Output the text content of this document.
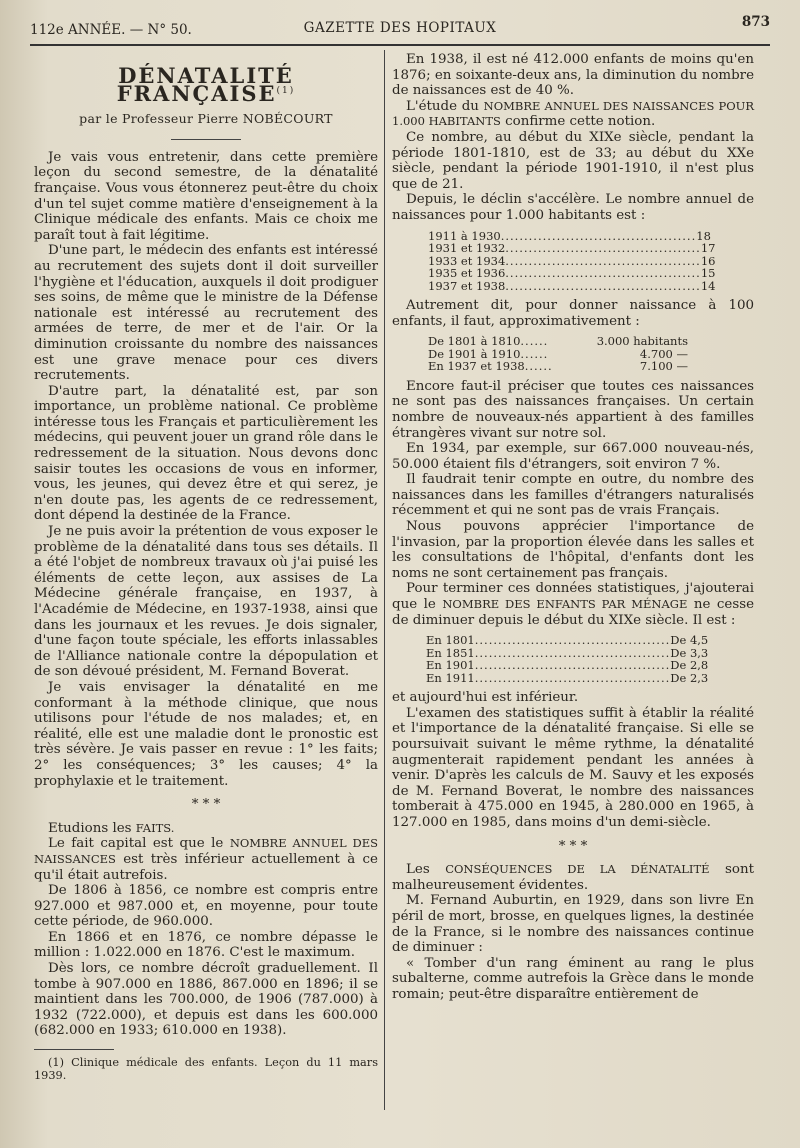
112e ANNÉE. — N° 50.	GAZETTE DES HOPITAUX	873
DÉNATALITÉ FRANÇAISE$^{(1)}$
par le Professeur Pierre NOBÉCOURT

Je vais vous entretenir, dans cette première leçon du second semestre, de la dénatalité française. Vous vous étonnerez peut-être du choix d'un tel sujet comme matière d'enseignement à la Clinique médicale des enfants. Mais ce choix me paraît tout à fait légitime.

D'une part, le médecin des enfants est intéressé au recrutement des sujets dont il doit surveiller l'hygiène et l'éducation, auxquels il doit prodiguer ses soins, de même que le ministre de la Défense nationale est intéressé au recrutement des armées de terre, de mer et de l'air. Or la diminution croissante du nombre des naissances est une grave menace pour ces divers recrutements.

D'autre part, la dénatalité est, par son importance, un problème national. Ce problème intéresse tous les Français et particulièrement les médecins, qui peuvent jouer un grand rôle dans le redressement de la situation. Nous devons donc saisir toutes les occasions de vous en informer, vous, les jeunes, qui devez être et qui serez, je n'en doute pas, les agents de ce redressement, dont dépend la destinée de la France.

Je ne puis avoir la prétention de vous exposer le problème de la dénatalité dans tous ses détails. Il a été l'objet de nombreux travaux où j'ai puisé les éléments de cette leçon, aux assises de La Médecine générale française, en 1937, à l'Académie de Médecine, en 1937-1938, ainsi que dans les journaux et les revues. Je dois signaler, d'une façon toute spéciale, les efforts inlassables de l'Alliance nationale contre la dépopulation et de son dévoué président, M. Fernand Boverat.

Je vais envisager la dénatalité en me conformant à la méthode clinique, que nous utilisons pour l'étude de nos malades; et, en réalité, elle est une maladie dont le pronostic est très sévère. Je vais passer en revue : 1° les faits; 2° les conséquences; 3° les causes; 4° la prophylaxie et le traitement.

* * *

Etudions les FAITS.

Le fait capital est que le NOMBRE ANNUEL DES NAISSANCES est très inférieur actuellement à ce qu'il était autrefois.

De 1806 à 1856, ce nombre est compris entre 927.000 et 987.000 et, en moyenne, pour toute cette période, de 960.000.

En 1866 et en 1876, ce nombre dépasse le million : 1.022.000 en 1876. C'est le maximum.

Dès lors, ce nombre décroît graduellement. Il tombe à 907.000 en 1886, 867.000 en 1896; il se maintient dans les 700.000, de 1906 (787.000) à 1932 (722.000), et depuis est dans les 600.000 (682.000 en 1933; 610.000 en 1938).

(1) Clinique médicale des enfants. Leçon du 11 mars 1939.

En 1938, il est né 412.000 enfants de moins qu'en 1876; en soixante-deux ans, la diminution du nombre de naissances est de 40 %.

L'étude du NOMBRE ANNUEL DES NAISSANCES POUR 1.000 HABITANTS confirme cette notion.

Ce nombre, au début du XIXe siècle, pendant la période 1801-1810, est de 33; au début du XXe siècle, pendant la période 1901-1910, il n'est plus que de 21.

Depuis, le déclin s'accélère. Le nombre annuel de naissances pour 1.000 habitants est :

1911 à 1930 .......................................... 18
1931 et 1932 .......................................... 17
1933 et 1934 .......................................... 16
1935 et 1936 .......................................... 15
1937 et 1938 .......................................... 14

Autrement dit, pour donner naissance à 100 enfants, il faut, approximativement :

De 1801 à 1810 ......	3.000 habitants
De 1901 à 1910 ......	4.700 —
En 1937 et 1938 ......	7.100 —

Encore faut-il préciser que toutes ces naissances ne sont pas des naissances françaises. Un certain nombre de nouveaux-nés appartient à des familles étrangères vivant sur notre sol.

En 1934, par exemple, sur 667.000 nouveau-nés, 50.000 étaient fils d'étrangers, soit environ 7 %.

Il faudrait tenir compte en outre, du nombre des naissances dans les familles d'étrangers naturalisés récemment et qui ne sont pas de vrais Français.

Nous pouvons apprécier l'importance de l'invasion, par la proportion élevée dans les salles et les consultations de l'hôpital, d'enfants dont les noms ne sont certainement pas français.

Pour terminer ces données statistiques, j'ajouterai que le NOMBRE DES ENFANTS PAR MÉNAGE ne cesse de diminuer depuis le début du XIXe siècle. Il est :

En 1801 .......................................... De 4,5
En 1851 .......................................... De 3,3
En 1901 .......................................... De 2,8
En 1911 .......................................... De 2,3

et aujourd'hui est inférieur.

L'examen des statistiques suffit à établir la réalité et l'importance de la dénatalité française. Si elle se poursuivait suivant le même rythme, la dénatalité augmenterait rapidement pendant les années à venir. D'après les calculs de M. Sauvy et les exposés de M. Fernand Boverat, le nombre des naissances tomberait à 475.000 en 1945, à 280.000 en 1965, à 127.000 en 1985, dans moins d'un demi-siècle.

* * *

Les CONSÉQUENCES DE LA DÉNATALITÉ sont malheureusement évidentes.

M. Fernand Auburtin, en 1929, dans son livre En péril de mort, brosse, en quelques lignes, la destinée de la France, si le nombre des naissances continue de diminuer :

« Tomber d'un rang éminent au rang le plus subalterne, comme autrefois la Grèce dans le monde romain; peut-être disparaître entièrement de
